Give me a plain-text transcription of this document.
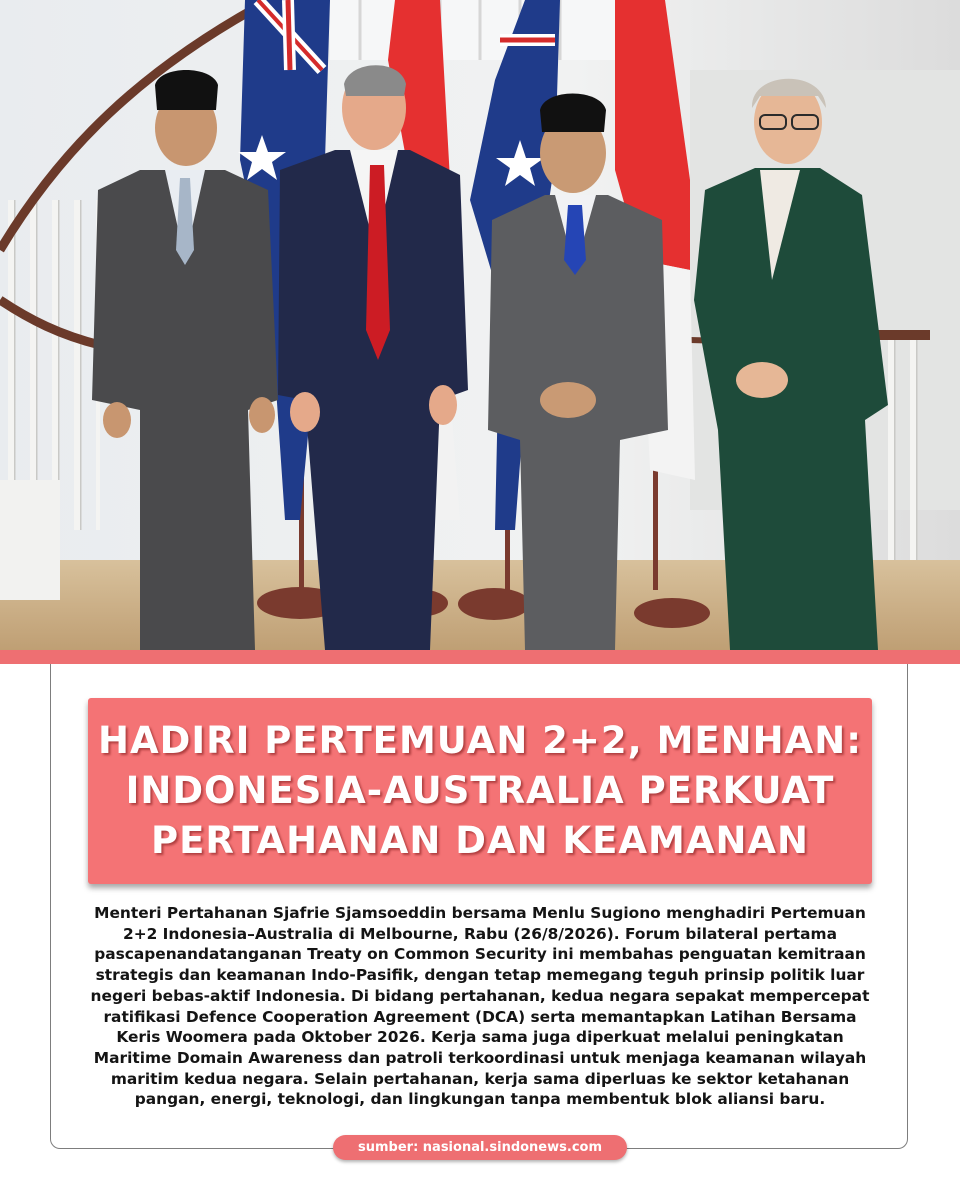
HADIRI PERTEMUAN 2+2, MENHAN:
INDONESIA-AUSTRALIA PERKUAT
PERTAHANAN DAN KEAMANAN

Menteri Pertahanan Sjafrie Sjamsoeddin bersama Menlu Sugiono menghadiri Pertemuan
2+2 Indonesia–Australia di Melbourne, Rabu (26/8/2026). Forum bilateral pertama
pascapenandatanganan Treaty on Common Security ini membahas penguatan kemitraan
strategis dan keamanan Indo-Pasifik, dengan tetap memegang teguh prinsip politik luar
negeri bebas-aktif Indonesia. Di bidang pertahanan, kedua negara sepakat mempercepat
ratifikasi Defence Cooperation Agreement (DCA) serta memantapkan Latihan Bersama
Keris Woomera pada Oktober 2026. Kerja sama juga diperkuat melalui peningkatan
Maritime Domain Awareness dan patroli terkoordinasi untuk menjaga keamanan wilayah
maritim kedua negara. Selain pertahanan, kerja sama diperluas ke sektor ketahanan
pangan, energi, teknologi, dan lingkungan tanpa membentuk blok aliansi baru.

sumber: nasional.sindonews.com
